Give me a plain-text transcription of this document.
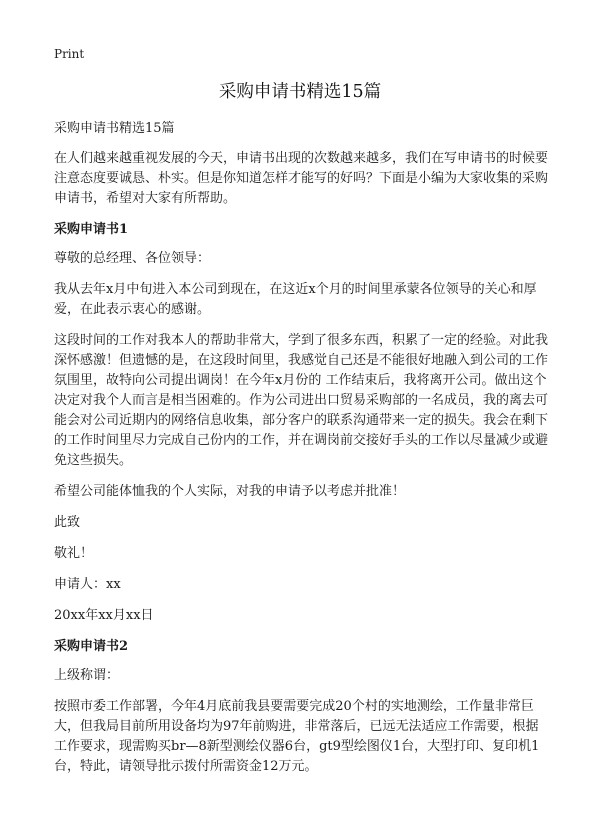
Print
采购申请书精选15篇

采购申请书精选15篇

在人们越来越重视发展的今天，申请书出现的次数越来越多，我们在写申请书的时候要注意态度要诚恳、朴实。但是你知道怎样才能写的好吗？下面是小编为大家收集的采购申请书，希望对大家有所帮助。

采购申请书1

尊敬的总经理、各位领导：

我从去年x月中旬进入本公司到现在，在这近x个月的时间里承蒙各位领导的关心和厚爱，在此表示衷心的感谢。

这段时间的工作对我本人的帮助非常大，学到了很多东西，积累了一定的经验。对此我深怀感激！但遗憾的是，在这段时间里，我感觉自己还是不能很好地融入到公司的工作氛围里，故特向公司提出调岗！在今年x月份的 工作结束后，我将离开公司。做出这个决定对我个人而言是相当困难的。作为公司进出口贸易采购部的一名成员，我的离去可能会对公司近期内的网络信息收集，部分客户的联系沟通带来一定的损失。我会在剩下的工作时间里尽力完成自己份内的工作，并在调岗前交接好手头的工作以尽量减少或避免这些损失。

希望公司能体恤我的个人实际，对我的申请予以考虑并批准！

此致

敬礼！

申请人：xx

20xx年xx月xx日

采购申请书2

上级称谓：

按照市委工作部署，今年4月底前我县要需要完成20个村的实地测绘，工作量非常巨大，但我局目前所用设备均为97年前购进，非常落后，已远无法适应工作需要，根据工作要求，现需购买br—8新型测绘仪器6台，gt9型绘图仪1台，大型打印、复印机1台，特此，请领导批示拨付所需资金12万元。
